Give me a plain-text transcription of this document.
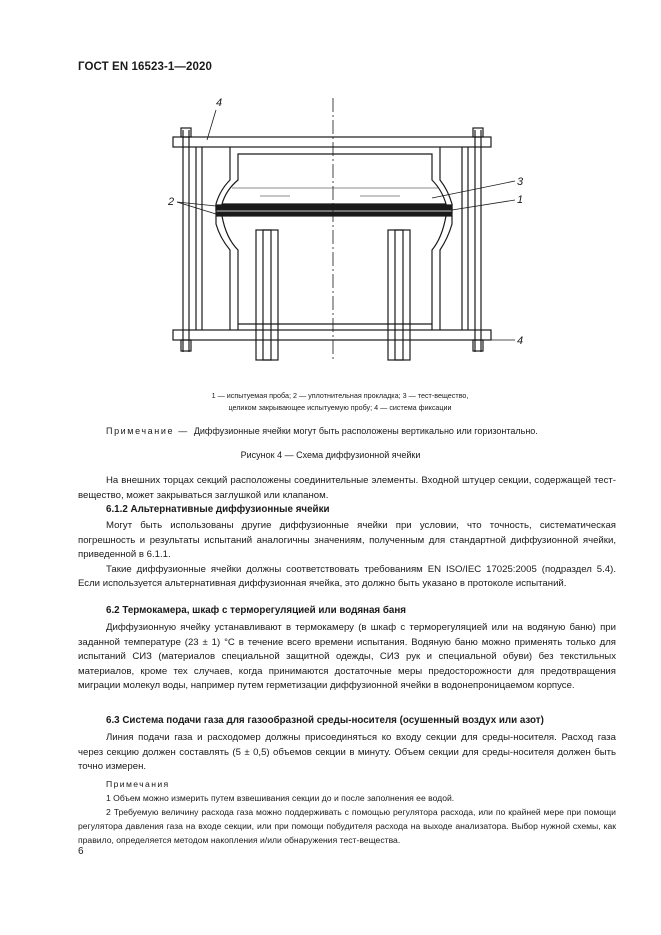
ГОСТ EN 16523-1—2020
4
3
1
2
4
1 — испытуемая проба; 2 — уплотнительная прокладка; 3 — тест-вещество,
целиком закрывающее испытуемую пробу; 4 — система фиксации
Примечание — Диффузионные ячейки могут быть расположены вертикально или горизонтально.
Рисунок 4 — Схема диффузионной ячейки

На внешних торцах секций расположены соединительные элементы. Входной штуцер секции, содержащей тест-вещество, может закрываться заглушкой или клапаном.

6.1.2 Альтернативные диффузионные ячейки

Могут быть использованы другие диффузионные ячейки при условии, что точность, систематическая погрешность и результаты испытаний аналогичны значениям, полученным для стандартной диффузионной ячейки, приведенной в 6.1.1.

Такие диффузионные ячейки должны соответствовать требованиям EN ISO/IEC 17025:2005 (подраздел 5.4). Если используется альтернативная диффузионная ячейка, это должно быть указано в протоколе испытаний.

6.2 Термокамера, шкаф с терморегуляцией или водяная баня

Диффузионную ячейку устанавливают в термокамеру (в шкаф с терморегуляцией или на водяную баню) при заданной температуре (23 ± 1) °С в течение всего времени испытания. Водяную баню можно применять только для испытаний СИЗ (материалов специальной защитной одежды, СИЗ рук и специальной обуви) без текстильных материалов, кроме тех случаев, когда принимаются достаточные меры предосторожности для предотвращения миграции молекул воды, например путем герметизации диффузионной ячейки в водонепроницаемом корпусе.

6.3 Система подачи газа для газообразной среды-носителя (осушенный воздух или азот)

Линия подачи газа и расходомер должны присоединяться ко входу секции для среды-носителя. Расход газа через секцию должен составлять (5 ± 0,5) объемов секции в минуту. Объем секции для среды-носителя должен быть точно измерен.

Примечания

1 Объем можно измерить путем взвешивания секции до и после заполнения ее водой.

2 Требуемую величину расхода газа можно поддерживать с помощью регулятора расхода, или по крайней мере при помощи регулятора давления газа на входе секции, или при помощи побудителя расхода на выходе анализатора. Выбор нужной схемы, как правило, определяется методом накопления и/или обнаружения тест-вещества.

6
